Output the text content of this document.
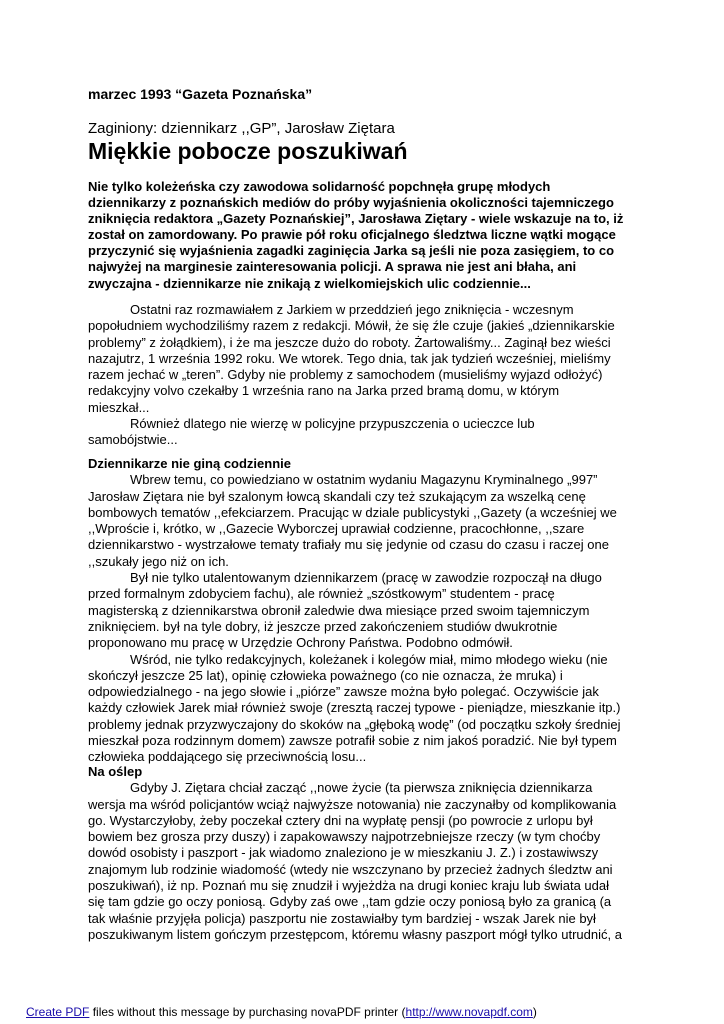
marzec 1993 “Gazeta Poznańska”
Zaginiony: dziennikarz ,,GP”, Jarosław Ziętara
Miękkie pobocze poszukiwań
Nie tylko koleżeńska czy zawodowa solidarność popchnęła grupę młodych
dziennikarzy z poznańskich mediów do próby wyjaśnienia okoliczności tajemniczego
zniknięcia redaktora „Gazety Poznańskiej”, Jarosława Ziętary - wiele wskazuje na to, iż
został on zamordowany. Po prawie pół roku oficjalnego śledztwa liczne wątki mogące
przyczynić się wyjaśnienia zagadki zaginięcia Jarka są jeśli nie poza zasięgiem, to co
najwyżej na marginesie zainteresowania policji. A sprawa nie jest ani błaha, ani
zwyczajna - dziennikarze nie znikają z wielkomiejskich ulic codziennie...
Ostatni raz rozmawiałem z Jarkiem w przeddzień jego zniknięcia - wczesnym
popołudniem wychodziliśmy razem z redakcji. Mówił, że się źle czuje (jakieś „dziennikarskie
problemy” z żołądkiem), i że ma jeszcze dużo do roboty. Żartowaliśmy... Zaginął bez wieści
nazajutrz, 1 września 1992 roku. We wtorek. Tego dnia, tak jak tydzień wcześniej, mieliśmy
razem jechać w „teren”. Gdyby nie problemy z samochodem (musieliśmy wyjazd odłożyć)
redakcyjny volvo czekałby 1 września rano na Jarka przed bramą domu, w którym
mieszkał...
Również dlatego nie wierzę w policyjne przypuszczenia o ucieczce lub
samobójstwie...
Dziennikarze nie giną codziennie
Wbrew temu, co powiedziano w ostatnim wydaniu Magazynu Kryminalnego „997”
Jarosław Ziętara nie był szalonym łowcą skandali czy też szukającym za wszelką cenę
bombowych tematów ,,efekciarzem. Pracując w dziale publicystyki ,,Gazety (a wcześniej we
,,Wproście i, krótko, w ,,Gazecie Wyborczej uprawiał codzienne, pracochłonne, ,,szare
dziennikarstwo - wystrzałowe tematy trafiały mu się jedynie od czasu do czasu i raczej one
,,szukały jego niż on ich.
Był nie tylko utalentowanym dziennikarzem (pracę w zawodzie rozpoczął na długo
przed formalnym zdobyciem fachu), ale również „szóstkowym” studentem - pracę
magisterską z dziennikarstwa obronił zaledwie dwa miesiące przed swoim tajemniczym
zniknięciem. był na tyle dobry, iż jeszcze przed zakończeniem studiów dwukrotnie
proponowano mu pracę w Urzędzie Ochrony Państwa. Podobno odmówił.
Wśród, nie tylko redakcyjnych, koleżanek i kolegów miał, mimo młodego wieku (nie
skończył jeszcze 25 lat), opinię człowieka poważnego (co nie oznacza, że mruka) i
odpowiedzialnego - na jego słowie i „piórze” zawsze można było polegać. Oczywiście jak
każdy człowiek Jarek miał również swoje (zresztą raczej typowe - pieniądze, mieszkanie itp.)
problemy jednak przyzwyczajony do skoków na „głęboką wodę” (od początku szkoły średniej
mieszkał poza rodzinnym domem) zawsze potrafił sobie z nim jakoś poradzić. Nie był typem
człowieka poddającego się przeciwnością losu...
Na oślep
Gdyby J. Ziętara chciał zacząć ,,nowe życie (ta pierwsza zniknięcia dziennikarza
wersja ma wśród policjantów wciąż najwyższe notowania) nie zaczynałby od komplikowania
go. Wystarczyłoby, żeby poczekał cztery dni na wypłatę pensji (po powrocie z urlopu był
bowiem bez grosza przy duszy) i zapakowawszy najpotrzebniejsze rzeczy (w tym choćby
dowód osobisty i paszport - jak wiadomo znaleziono je w mieszkaniu J. Z.) i zostawiwszy
znajomym lub rodzinie wiadomość (wtedy nie wszczynano by przecież żadnych śledztw ani
poszukiwań), iż np. Poznań mu się znudził i wyjeżdża na drugi koniec kraju lub świata udał
się tam gdzie go oczy poniosą. Gdyby zaś owe ,,tam gdzie oczy poniosą było za granicą (a
tak właśnie przyjęła policja) paszportu nie zostawiałby tym bardziej - wszak Jarek nie był
poszukiwanym listem gończym przestępcom, któremu własny paszport mógł tylko utrudnić, a
Create PDF files without this message by purchasing novaPDF printer (http://www.novapdf.com)
